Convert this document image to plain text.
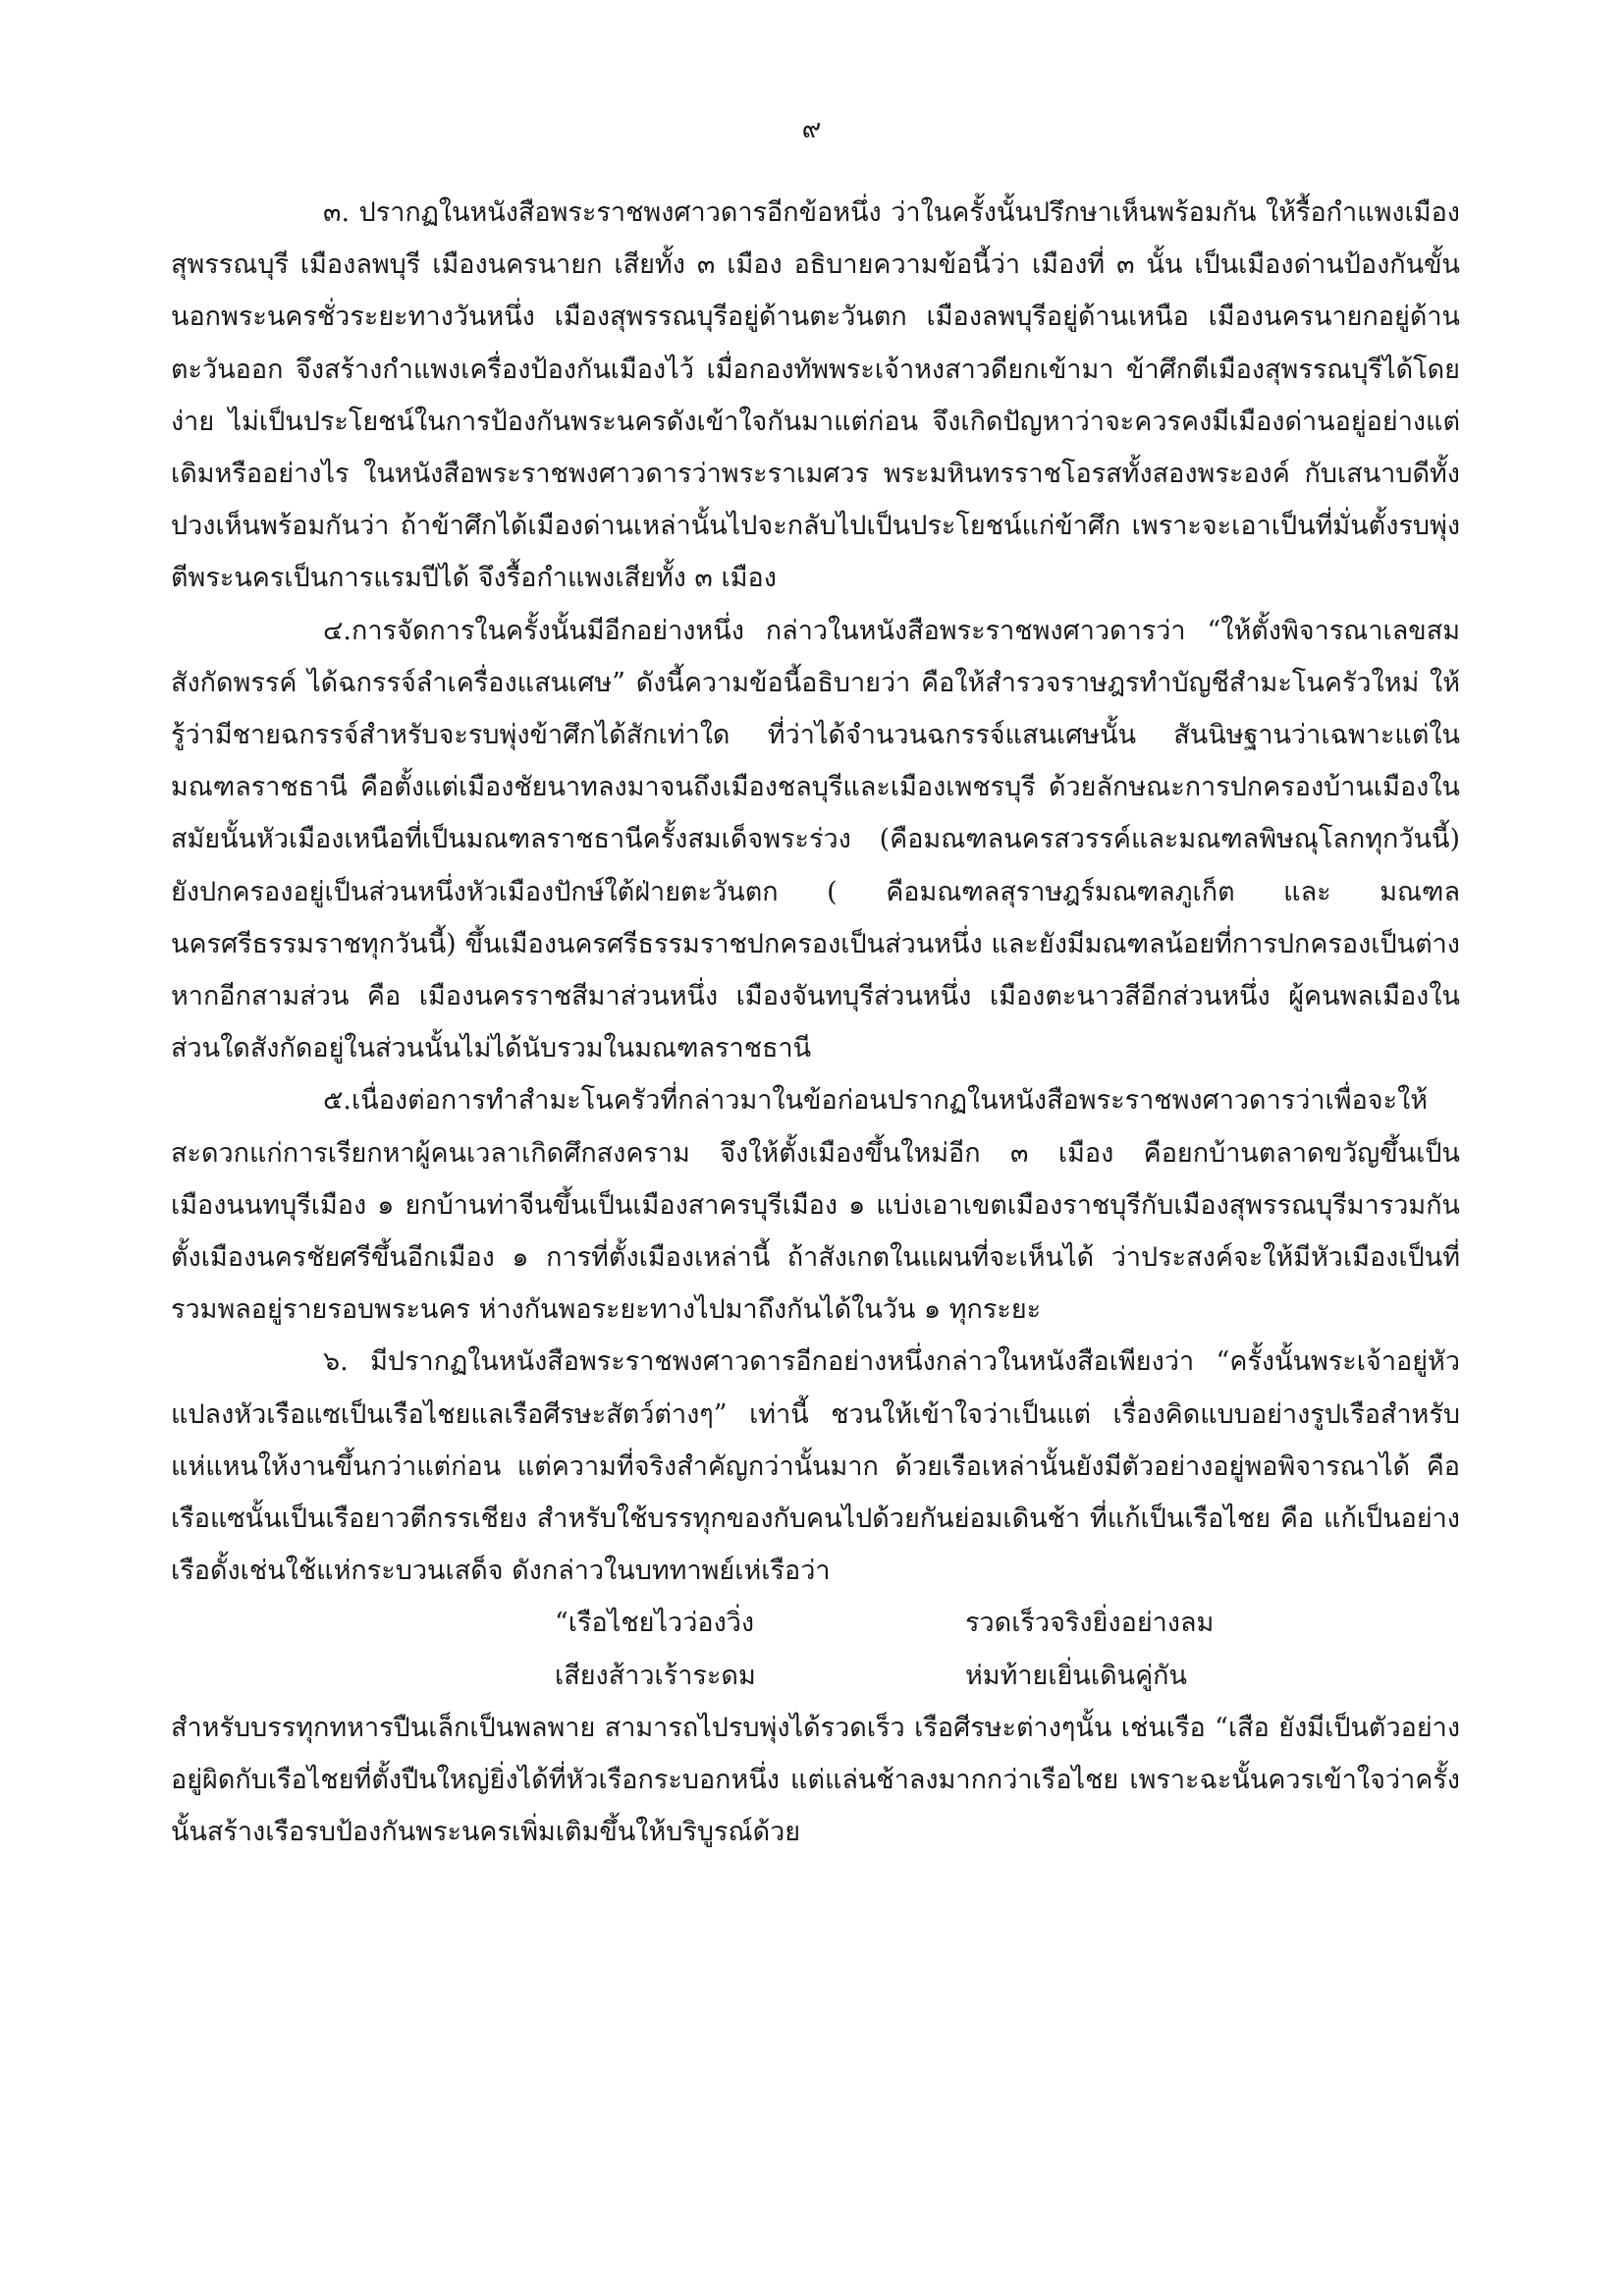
๙

๓. ปรากฏในหนังสือพระราชพงศาวดารอีกข้อหนึ่ง ว่าในครั้งนั้นปรึกษาเห็นพร้อมกัน ให้รื้อกำแพงเมืองสุพรรณบุรี เมืองลพบุรี เมืองนครนายก เสียทั้ง ๓ เมือง อธิบายความข้อนี้ว่า เมืองที่ ๓ นั้น เป็นเมืองด่านป้องกันขั้นนอกพระนครชั่วระยะทางวันหนึ่ง เมืองสุพรรณบุรีอยู่ด้านตะวันตก เมืองลพบุรีอยู่ด้านเหนือ เมืองนครนายกอยู่ด้านตะวันออก จึงสร้างกำแพงเครื่องป้องกันเมืองไว้ เมื่อกองทัพพระเจ้าหงสาวดียกเข้ามา ข้าศึกตีเมืองสุพรรณบุรีได้โดยง่าย ไม่เป็นประโยชน์ในการป้องกันพระนครดังเข้าใจกันมาแต่ก่อน จึงเกิดปัญหาว่าจะควรคงมีเมืองด่านอยู่อย่างแต่เดิมหรืออย่างไร ในหนังสือพระราชพงศาวดารว่าพระราเมศวร พระมหินทรราชโอรสทั้งสองพระองค์ กับเสนาบดีทั้งปวงเห็นพร้อมกันว่า ถ้าข้าศึกได้เมืองด่านเหล่านั้นไปจะกลับไปเป็นประโยชน์แก่ข้าศึก เพราะจะเอาเป็นที่มั่นตั้งรบพุ่งตีพระนครเป็นการแรมปีได้ จึงรื้อกำแพงเสียทั้ง ๓ เมือง

๔.การจัดการในครั้งนั้นมีอีกอย่างหนึ่ง กล่าวในหนังสือพระราชพงศาวดารว่า “ให้ตั้งพิจารณาเลขสมสังกัดพรรค์ ได้ฉกรรจ์ลำเครื่องแสนเศษ” ดังนี้ความข้อนี้อธิบายว่า คือให้สำรวจราษฎรทำบัญชีสำมะโนครัวใหม่ ให้รู้ว่ามีชายฉกรรจ์สำหรับจะรบพุ่งข้าศึกได้สักเท่าใด ที่ว่าได้จำนวนฉกรรจ์แสนเศษนั้น สันนิษฐานว่าเฉพาะแต่ในมณฑลราชธานี คือตั้งแต่เมืองชัยนาทลงมาจนถึงเมืองชลบุรีและเมืองเพชรบุรี ด้วยลักษณะการปกครองบ้านเมืองในสมัยนั้นหัวเมืองเหนือที่เป็นมณฑลราชธานีครั้งสมเด็จพระร่วง (คือมณฑลนครสวรรค์และมณฑลพิษณุโลกทุกวันนี้) ยังปกครองอยู่เป็นส่วนหนึ่งหัวเมืองปักษ์ใต้ฝ่ายตะวันตก ( คือมณฑลสุราษฎร์มณฑลภูเก็ต และ มณฑลนครศรีธรรมราชทุกวันนี้) ขึ้นเมืองนครศรีธรรมราชปกครองเป็นส่วนหนึ่ง และยังมีมณฑลน้อยที่การปกครองเป็นต่างหากอีกสามส่วน คือ เมืองนครราชสีมาส่วนหนึ่ง เมืองจันทบุรีส่วนหนึ่ง เมืองตะนาวสีอีกส่วนหนึ่ง ผู้คนพลเมืองในส่วนใดสังกัดอยู่ในส่วนนั้นไม่ได้นับรวมในมณฑลราชธานี

๕.เนื่องต่อการทำสำมะโนครัวที่กล่าวมาในข้อก่อนปรากฏในหนังสือพระราชพงศาวดารว่าเพื่อจะให้สะดวกแก่การเรียกหาผู้คนเวลาเกิดศึกสงคราม จึงให้ตั้งเมืองขึ้นใหม่อีก ๓ เมือง คือยกบ้านตลาดขวัญขึ้นเป็นเมืองนนทบุรีเมือง ๑ ยกบ้านท่าจีนขึ้นเป็นเมืองสาครบุรีเมือง ๑ แบ่งเอาเขตเมืองราชบุรีกับเมืองสุพรรณบุรีมารวมกันตั้งเมืองนครชัยศรีขึ้นอีกเมือง ๑ การที่ตั้งเมืองเหล่านี้ ถ้าสังเกตในแผนที่จะเห็นได้ ว่าประสงค์จะให้มีหัวเมืองเป็นที่รวมพลอยู่รายรอบพระนคร ห่างกันพอระยะทางไปมาถึงกันได้ในวัน ๑ ทุกระยะ

๖. มีปรากฏในหนังสือพระราชพงศาวดารอีกอย่างหนึ่งกล่าวในหนังสือเพียงว่า “ครั้งนั้นพระเจ้าอยู่หัวแปลงหัวเรือแซเป็นเรือไชยแลเรือศีรษะสัตว์ต่างๆ” เท่านี้ ชวนให้เข้าใจว่าเป็นแต่ เรื่องคิดแบบอย่างรูปเรือสำหรับแห่แหนให้งานขึ้นกว่าแต่ก่อน แต่ความที่จริงสำคัญกว่านั้นมาก ด้วยเรือเหล่านั้นยังมีตัวอย่างอยู่พอพิจารณาได้ คือเรือแซนั้นเป็นเรือยาวตีกรรเชียง สำหรับใช้บรรทุกของกับคนไปด้วยกันย่อมเดินช้า ที่แก้เป็นเรือไชย คือ แก้เป็นอย่างเรือดั้งเช่นใช้แห่กระบวนเสด็จ ดังกล่าวในบททาพย์เห่เรือว่า

“เรือไชยไวว่องวิ่ง	รวดเร็วจริงยิ่งอย่างลม
เสียงส้าวเร้าระดม	ห่มท้ายเยิ่นเดินคู่กัน

สำหรับบรรทุกทหารปืนเล็กเป็นพลพาย สามารถไปรบพุ่งได้รวดเร็ว เรือศีรษะต่างๆนั้น เช่นเรือ “เสือ ยังมีเป็นตัวอย่างอยู่ผิดกับเรือไชยที่ตั้งปืนใหญ่ยิ่งได้ที่หัวเรือกระบอกหนึ่ง แต่แล่นช้าลงมากกว่าเรือไชย เพราะฉะนั้นควรเข้าใจว่าครั้งนั้นสร้างเรือรบป้องกันพระนครเพิ่มเติมขึ้นให้บริบูรณ์ด้วย
